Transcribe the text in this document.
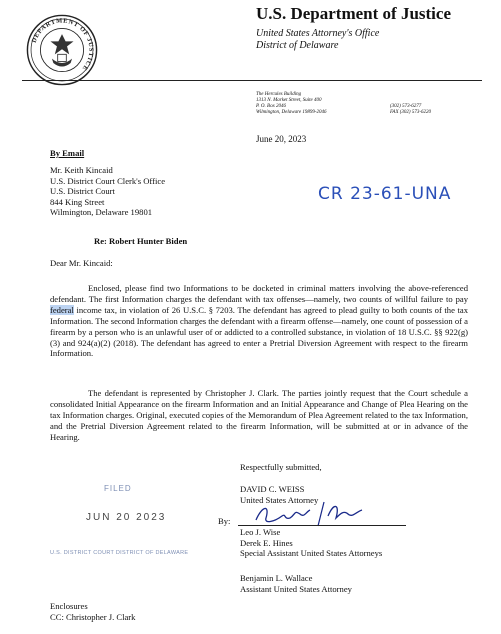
DEPARTMENT OF JUSTICE
U.S. Department of Justice
United States Attorney's Office
District of Delaware
The Hercules Building
1313 N. Market Street, Suite 400
P. O. Box 2046
Wilmington, Delaware 19899-2046
(302) 573-6277
FAX (302) 573-6220
June 20, 2023
By Email
Mr. Keith Kincaid
U.S. District Court Clerk's Office
U.S. District Court
844 King Street
Wilmington, Delaware 19801
CR 23-61-UNA
Re: Robert Hunter Biden
Dear Mr. Kincaid:
Enclosed, please find two Informations to be docketed in criminal matters involving the above-referenced defendant. The first Information charges the defendant with tax offenses—namely, two counts of willful failure to pay federal income tax, in violation of 26 U.S.C. § 7203. The defendant has agreed to plead guilty to both counts of the tax Information. The second Information charges the defendant with a firearm offense—namely, one count of possession of a firearm by a person who is an unlawful user of or addicted to a controlled substance, in violation of 18 U.S.C. §§ 922(g)(3) and 924(a)(2) (2018). The defendant has agreed to enter a Pretrial Diversion Agreement with respect to the firearm Information.
The defendant is represented by Christopher J. Clark. The parties jointly request that the Court schedule a consolidated Initial Appearance on the firearm Information and an Initial Appearance and Change of Plea Hearing on the tax Information charges. Original, executed copies of the Memorandum of Plea Agreement related to the tax Information, and the Pretrial Diversion Agreement related to the firearm Information, will be submitted at or in advance of the Hearing.
Respectfully submitted,
DAVID C. WEISS
United States Attorney
FILED
JUN 20 2023
U.S. DISTRICT COURT DISTRICT OF DELAWARE
By:
Leo J. Wise
Derek E. Hines
Special Assistant United States Attorneys
Benjamin L. Wallace
Assistant United States Attorney
Enclosures
CC: Christopher J. Clark
